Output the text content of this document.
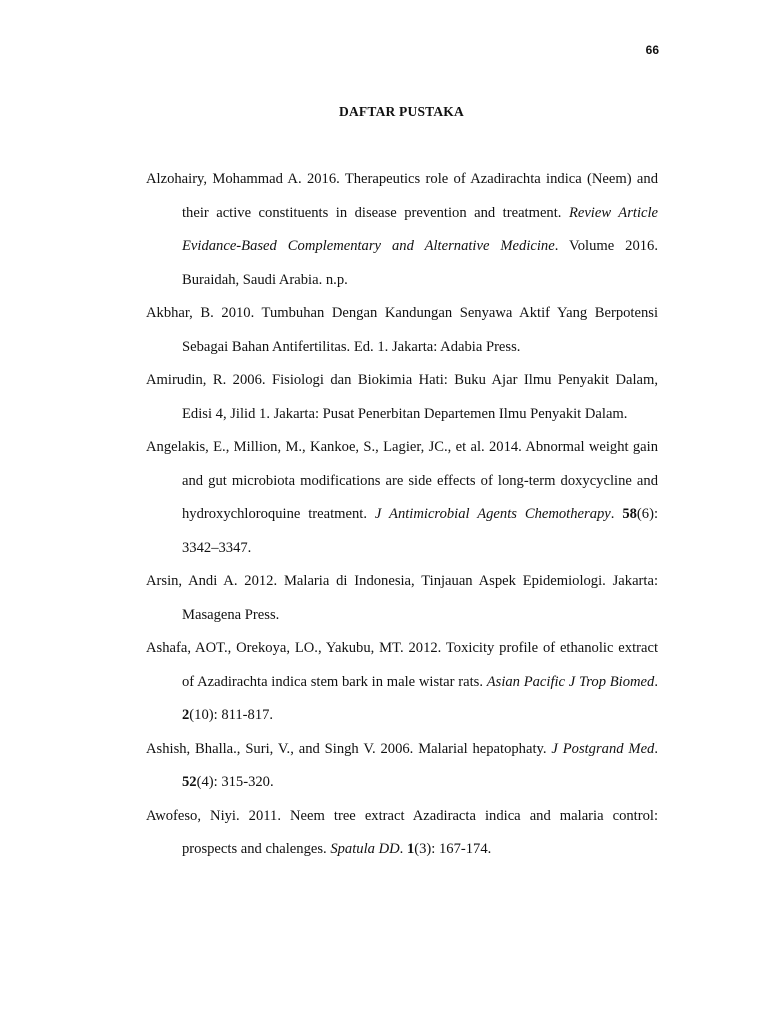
66
DAFTAR PUSTAKA

Alzohairy, Mohammad A. 2016. Therapeutics role of Azadirachta indica (Neem) and their active constituents in disease prevention and treatment. Review Article Evidance-Based Complementary and Alternative Medicine. Volume 2016. Buraidah, Saudi Arabia. n.p.

Akbhar, B. 2010. Tumbuhan Dengan Kandungan Senyawa Aktif Yang Berpotensi Sebagai Bahan Antifertilitas. Ed. 1. Jakarta: Adabia Press.

Amirudin, R. 2006. Fisiologi dan Biokimia Hati: Buku Ajar Ilmu Penyakit Dalam, Edisi 4, Jilid 1. Jakarta: Pusat Penerbitan Departemen Ilmu Penyakit Dalam.

Angelakis, E., Million, M., Kankoe, S., Lagier, JC., et al. 2014. Abnormal weight gain and gut microbiota modifications are side effects of long-term doxycycline and hydroxychloroquine treatment. J Antimicrobial Agents Chemotherapy. 58(6): 3342–3347.

Arsin, Andi A. 2012. Malaria di Indonesia, Tinjauan Aspek Epidemiologi. Jakarta: Masagena Press.

Ashafa, AOT., Orekoya, LO., Yakubu, MT. 2012. Toxicity profile of ethanolic extract of Azadirachta indica stem bark in male wistar rats. Asian Pacific J Trop Biomed. 2(10): 811-817.

Ashish, Bhalla., Suri, V., and Singh V. 2006. Malarial hepatophaty. J Postgrand Med. 52(4): 315-320.

Awofeso, Niyi. 2011. Neem tree extract Azadiracta indica and malaria control: prospects and chalenges. Spatula DD. 1(3): 167-174.
